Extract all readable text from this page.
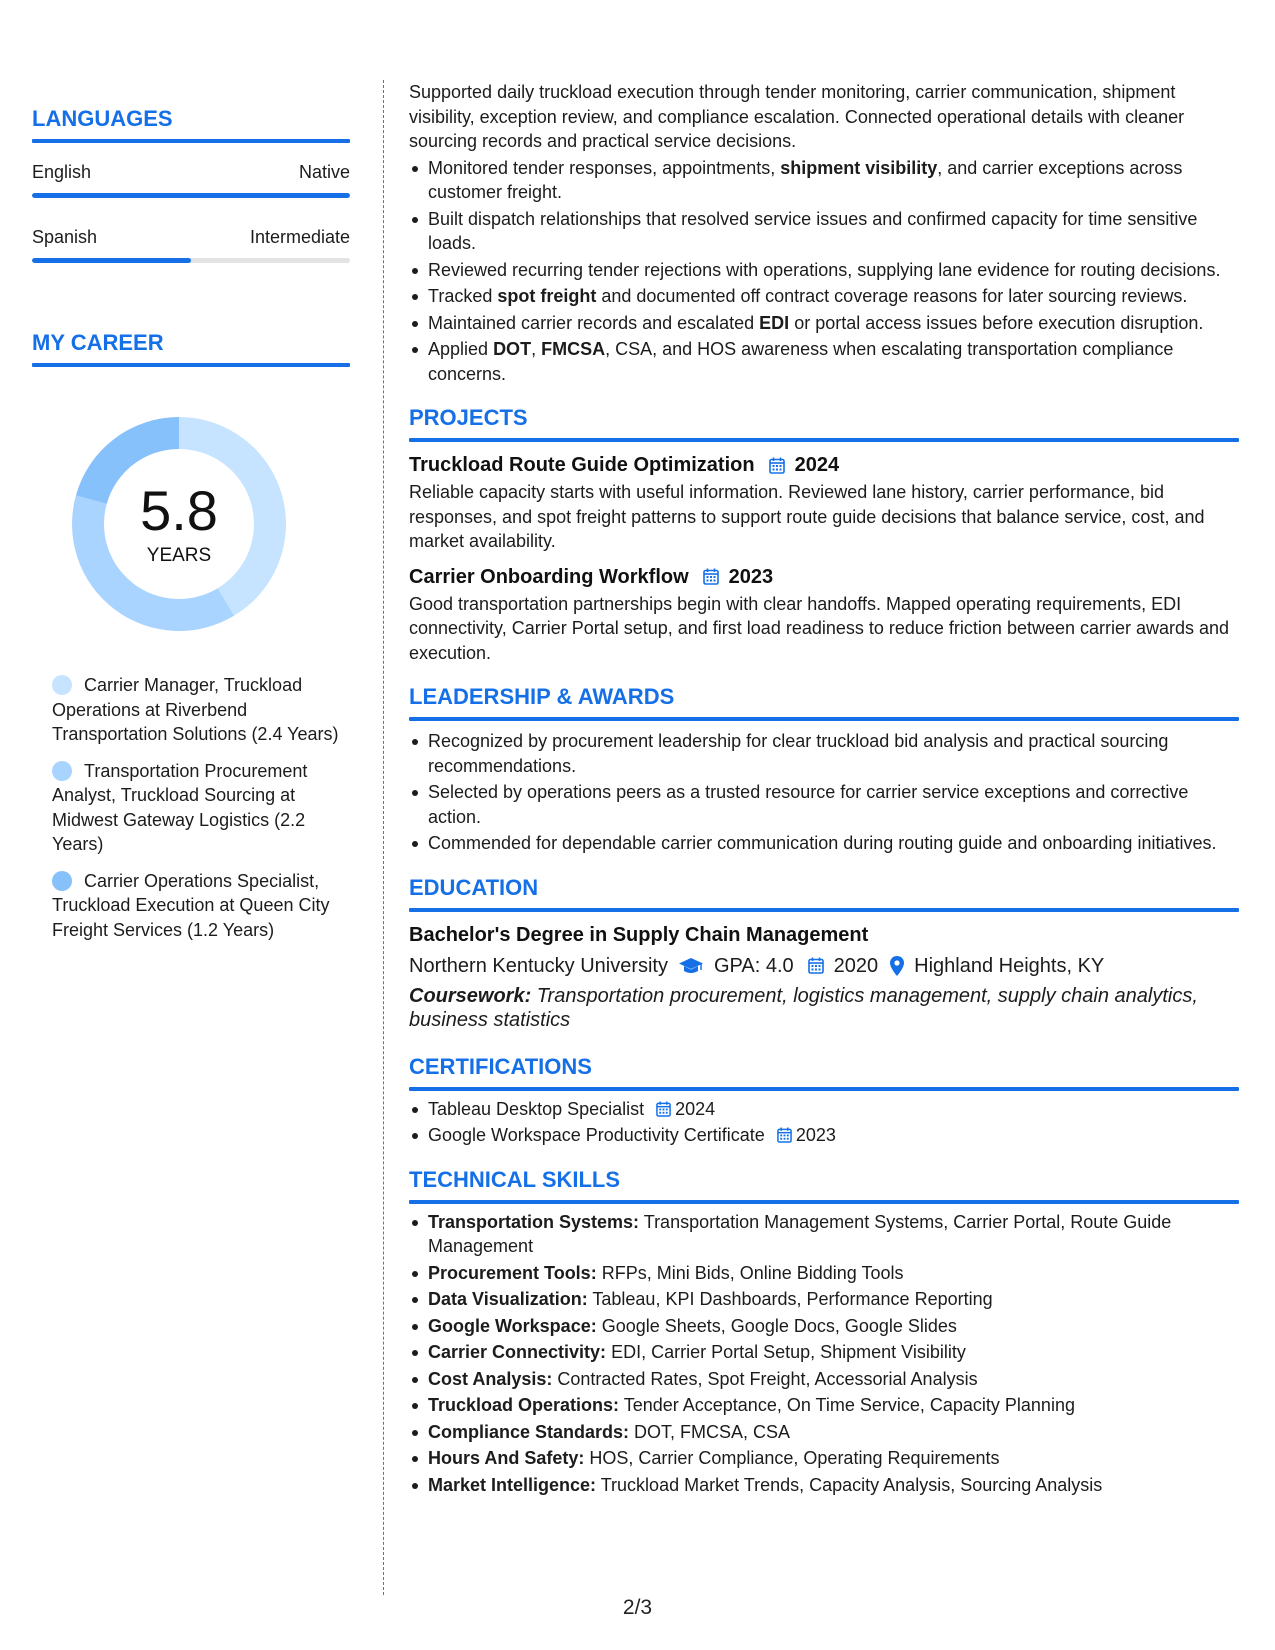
LANGUAGES
English	Native
Spanish	Intermediate
MY CAREER
5.8
YEARS
Carrier Manager, Truckload Operations at Riverbend Transportation Solutions (2.4 Years)
Transportation Procurement Analyst, Truckload Sourcing at Midwest Gateway Logistics (2.2 Years)
Carrier Operations Specialist, Truckload Execution at Queen City Freight Services (1.2 Years)
Supported daily truckload execution through tender monitoring, carrier communication, shipment visibility, exception review, and compliance escalation. Connected operational details with cleaner sourcing records and practical service decisions.
Monitored tender responses, appointments, shipment visibility, and carrier exceptions across customer freight.
Built dispatch relationships that resolved service issues and confirmed capacity for time sensitive loads.
Reviewed recurring tender rejections with operations, supplying lane evidence for routing decisions.
Tracked spot freight and documented off contract coverage reasons for later sourcing reviews.
Maintained carrier records and escalated EDI or portal access issues before execution disruption.
Applied DOT, FMCSA, CSA, and HOS awareness when escalating transportation compliance concerns.
PROJECTS
Truckload Route Guide Optimization 2024
Reliable capacity starts with useful information. Reviewed lane history, carrier performance, bid responses, and spot freight patterns to support route guide decisions that balance service, cost, and market availability.
Carrier Onboarding Workflow 2023
Good transportation partnerships begin with clear handoffs. Mapped operating requirements, EDI connectivity, Carrier Portal setup, and first load readiness to reduce friction between carrier awards and execution.
LEADERSHIP & AWARDS
Recognized by procurement leadership for clear truckload bid analysis and practical sourcing recommendations.
Selected by operations peers as a trusted resource for carrier service exceptions and corrective action.
Commended for dependable carrier communication during routing guide and onboarding initiatives.
EDUCATION
Bachelor's Degree in Supply Chain Management
Northern Kentucky University GPA: 4.0 2020 Highland Heights, KY
Coursework: Transportation procurement, logistics management, supply chain analytics, business statistics
CERTIFICATIONS
Tableau Desktop Specialist 2024
Google Workspace Productivity Certificate 2023
TECHNICAL SKILLS
Transportation Systems: Transportation Management Systems, Carrier Portal, Route Guide Management
Procurement Tools: RFPs, Mini Bids, Online Bidding Tools
Data Visualization: Tableau, KPI Dashboards, Performance Reporting
Google Workspace: Google Sheets, Google Docs, Google Slides
Carrier Connectivity: EDI, Carrier Portal Setup, Shipment Visibility
Cost Analysis: Contracted Rates, Spot Freight, Accessorial Analysis
Truckload Operations: Tender Acceptance, On Time Service, Capacity Planning
Compliance Standards: DOT, FMCSA, CSA
Hours And Safety: HOS, Carrier Compliance, Operating Requirements
Market Intelligence: Truckload Market Trends, Capacity Analysis, Sourcing Analysis
2/3
